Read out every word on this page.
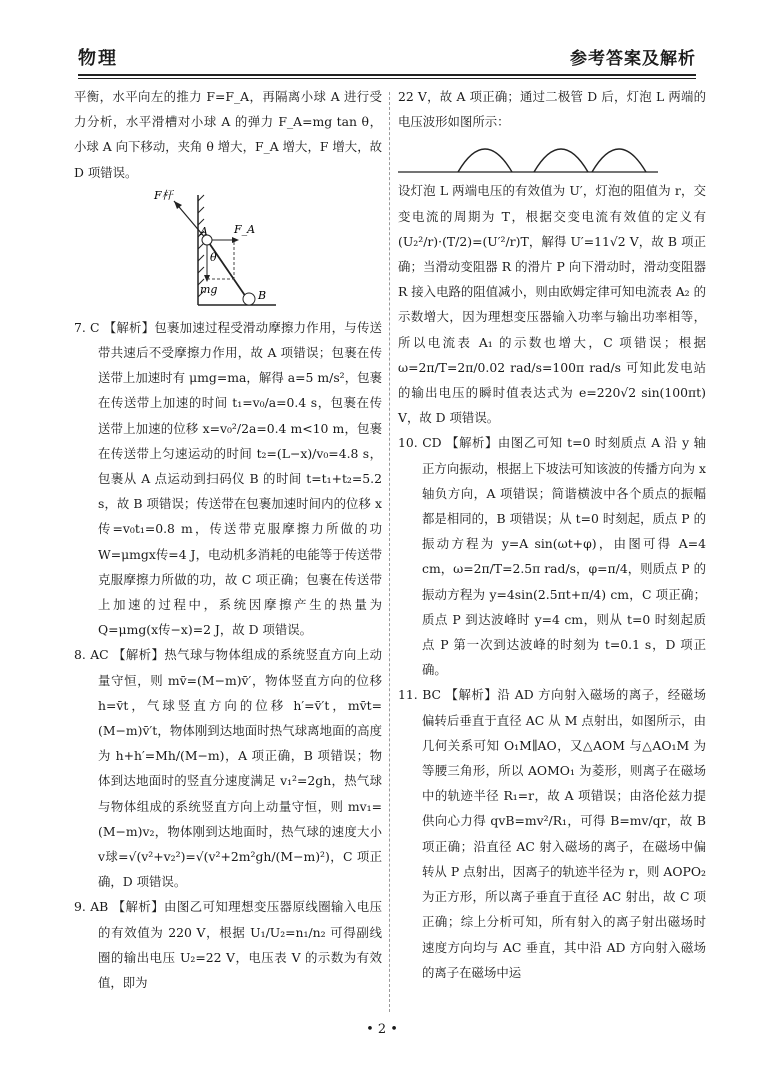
物理	参考答案及解析

平衡，水平向左的推力 F=F_A，再隔离小球 A 进行受力分析，水平滑槽对小球 A 的弹力 F_A=mg tan θ，小球 A 向下移动，夹角 θ 增大，F_A 增大，F 增大，故 D 项错误。

F杆
A
B
F_A
mg
θ

7. C 【解析】包裹加速过程受滑动摩擦力作用，与传送带共速后不受摩擦力作用，故 A 项错误；包裹在传送带上加速时有 μmg=ma，解得 a=5 m/s²，包裹在传送带上加速的时间 t₁=v₀/a=0.4 s，包裹在传送带上加速的位移 x=v₀²/2a=0.4 m<10 m，包裹在传送带上匀速运动的时间 t₂=(L−x)/v₀=4.8 s，包裹从 A 点运动到扫码仪 B 的时间 t=t₁+t₂=5.2 s，故 B 项错误；传送带在包裹加速时间内的位移 x传=v₀t₁=0.8 m，传送带克服摩擦力所做的功 W=μmgx传=4 J，电动机多消耗的电能等于传送带克服摩擦力所做的功，故 C 项正确；包裹在传送带上加速的过程中，系统因摩擦产生的热量为 Q=μmg(x传−x)=2 J，故 D 项错误。

8. AC 【解析】热气球与物体组成的系统竖直方向上动量守恒，则 mv̄=(M−m)v̄′，物体竖直方向的位移 h=v̄t，气球竖直方向的位移 h′=v̄′t，mv̄t=(M−m)v̄′t，物体刚到达地面时热气球离地面的高度为 h+h′=Mh/(M−m)，A 项正确，B 项错误；物体到达地面时的竖直分速度满足 v₁²=2gh，热气球与物体组成的系统竖直方向上动量守恒，则 mv₁=(M−m)v₂，物体刚到达地面时，热气球的速度大小 v球=√(v²+v₂²)=√(v²+2m²gh/(M−m)²)，C 项正确，D 项错误。

9. AB 【解析】由图乙可知理想变压器原线圈输入电压的有效值为 220 V，根据 U₁/U₂=n₁/n₂ 可得副线圈的输出电压 U₂=22 V，电压表 V 的示数为有效值，即为

22 V，故 A 项正确；通过二极管 D 后，灯泡 L 两端的电压波形如图所示：

设灯泡 L 两端电压的有效值为 U′，灯泡的阻值为 r，交变电流的周期为 T，根据交变电流有效值的定义有 (U₂²/r)·(T/2)=(U′²/r)T，解得 U′=11√2 V，故 B 项正确；当滑动变阻器 R 的滑片 P 向下滑动时，滑动变阻器 R 接入电路的阻值减小，则由欧姆定律可知电流表 A₂ 的示数增大，因为理想变压器输入功率与输出功率相等，所以电流表 A₁ 的示数也增大，C 项错误；根据 ω=2π/T=2π/0.02 rad/s=100π rad/s 可知此发电站的输出电压的瞬时值表达式为 e=220√2 sin(100πt) V，故 D 项错误。

10. CD 【解析】由图乙可知 t=0 时刻质点 A 沿 y 轴正方向振动，根据上下坡法可知该波的传播方向为 x 轴负方向，A 项错误；简谐横波中各个质点的振幅都是相同的，B 项错误；从 t=0 时刻起，质点 P 的振动方程为 y=A sin(ωt+φ)，由图可得 A=4 cm，ω=2π/T=2.5π rad/s，φ=π/4，则质点 P 的振动方程为 y=4sin(2.5πt+π/4) cm，C 项正确；质点 P 到达波峰时 y=4 cm，则从 t=0 时刻起质点 P 第一次到达波峰的时刻为 t=0.1 s，D 项正确。

11. BC 【解析】沿 AD 方向射入磁场的离子，经磁场偏转后垂直于直径 AC 从 M 点射出，如图所示，由几何关系可知 O₁M∥AO，又△AOM 与△AO₁M 为等腰三角形，所以 AOMO₁ 为菱形，则离子在磁场中的轨迹半径 R₁=r，故 A 项错误；由洛伦兹力提供向心力得 qvB=mv²/R₁，可得 B=mv/qr，故 B 项正确；沿直径 AC 射入磁场的离子，在磁场中偏转从 P 点射出，因离子的轨迹半径为 r，则 AOPO₂ 为正方形，所以离子垂直于直径 AC 射出，故 C 项正确；综上分析可知，所有射入的离子射出磁场时速度方向均与 AC 垂直，其中沿 AD 方向射入磁场的离子在磁场中运

• 2 •
